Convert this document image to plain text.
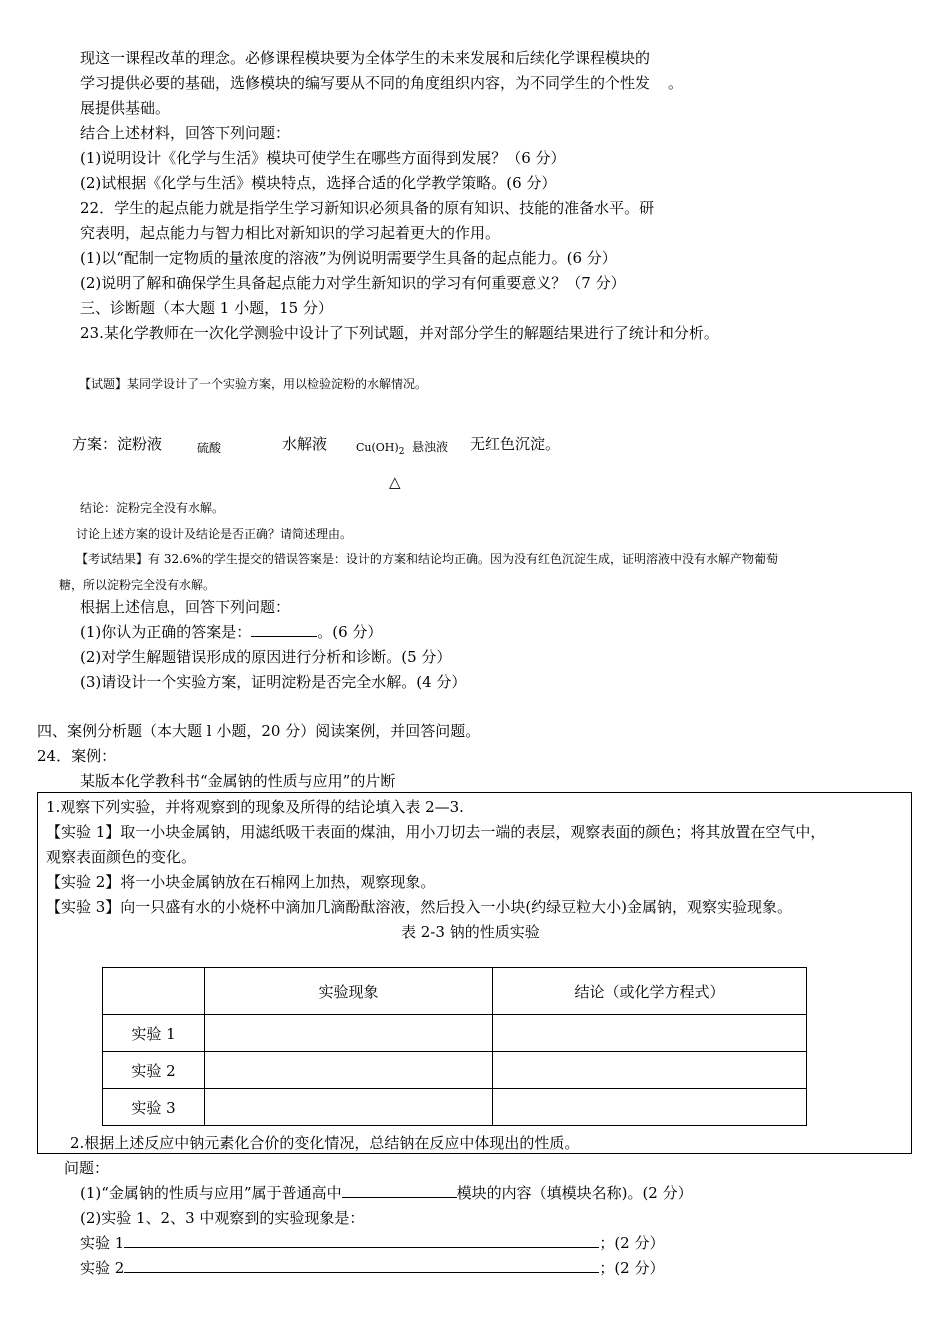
现这一课程改革的理念。必修课程模块要为全体学生的未来发展和后续化学课程模块的
学习提供必要的基础，选修模块的编写要从不同的角度组织内容，为不同学生的个性发 。
展提供基础。
结合上述材料，回答下列问题：
(1)说明设计《化学与生活》模块可使学生在哪些方面得到发展？（6 分）
(2)试根据《化学与生活》模块特点，选择合适的化学教学策略。(6 分）
22．学生的起点能力就是指学生学习新知识必须具备的原有知识、技能的准备水平。研
究表明，起点能力与智力相比对新知识的学习起着更大的作用。
(1)以“配制一定物质的量浓度的溶液”为例说明需要学生具备的起点能力。(6 分）
(2)说明了解和确保学生具备起点能力对学生新知识的学习有何重要意义？（7 分）
三、诊断题（本大题 1 小题，15 分）
23.某化学教师在一次化学测验中设计了下列试题，并对部分学生的解题结果进行了统计和分析。
【试题】某同学设计了一个实验方案，用以检验淀粉的水解情况。
方案：淀粉液	硫酸	水解液	$Cu(OH)_2$ 悬浊液 无红色沉淀。
△
结论：淀粉完全没有水解。
讨论上述方案的设计及结论是否正确？请简述理由。
【考试结果】有 32.6%的学生提交的错误答案是：设计的方案和结论均正确。因为没有红色沉淀生成，证明溶液中没有水解产物葡萄
糖，所以淀粉完全没有水解。
根据上述信息，回答下列问题：
(1)你认为正确的答案是：	。(6 分）
(2)对学生解题错误形成的原因进行分析和诊断。(5 分）
(3)请设计一个实验方案，证明淀粉是否完全水解。(4 分）
四、案例分析题（本大题 l 小题，20 分）阅读案例，并回答问题。
24．案例：
某版本化学教科书“金属钠的性质与应用”的片断
1.观察下列实验，并将观察到的现象及所得的结论填入表 2—3.
【实验 1】取一小块金属钠，用滤纸吸干表面的煤油，用小刀切去一端的表层，观察表面的颜色；将其放置在空气中，
观察表面颜色的变化。
【实验 2】将一小块金属钠放在石棉网上加热，观察现象。
【实验 3】向一只盛有水的小烧杯中滴加几滴酚酞溶液，然后投入一小块(约绿豆粒大小)金属钠，观察实验现象。
表 2-3 钠的性质实验
	实验现象	结论（或化学方程式）
实验 1		
实验 2		
实验 3		
2.根据上述反应中钠元素化合价的变化情况，总结钠在反应中体现出的性质。
问题：
(1)“金属钠的性质与应用”属于普通高中	模块的内容（填模块名称)。(2 分）
(2)实验 1、2、3 中观察到的实验现象是：
实验 1	；(2 分）
实验 2	；(2 分）
